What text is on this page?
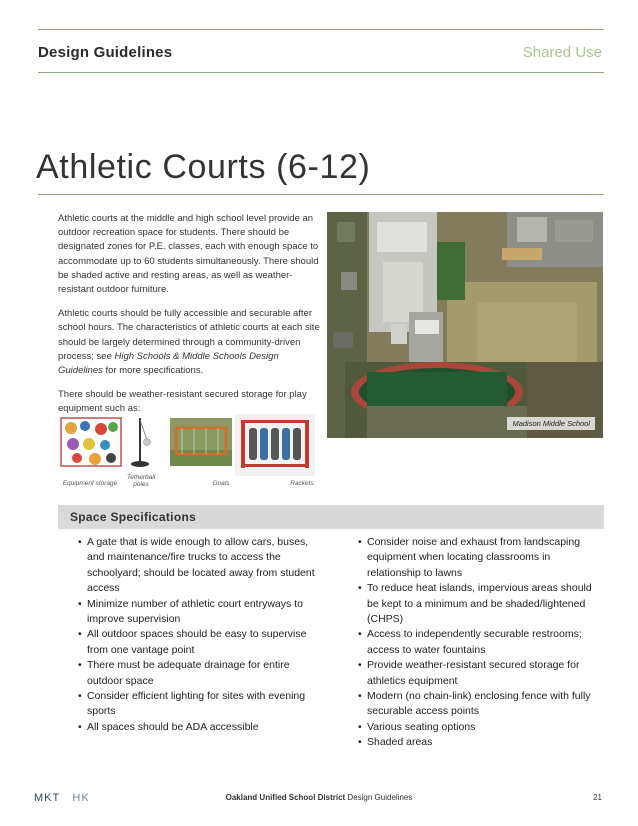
Design Guidelines	Shared Use
Athletic Courts (6-12)

Athletic courts at the middle and high school level provide an outdoor recreation space for students. There should be designated zones for P.E. classes, each with enough space to accommodate up to 60 students simultaneously. There should be shaded active and resting areas, as well as weather-resistant outdoor furniture.

Athletic courts should be fully accessible and securable after school hours. The characteristics of athletic courts at each site should be largely determined through a community-driven process; see High Schools & Middle Schools Design Guidelines for more specifications.

There should be weather-resistant secured storage for play equipment such as:

Madison Middle School
Equipment storage
Tetherball poles	Goals	Rackets
Space Specifications
• A gate that is wide enough to allow cars, buses, and maintenance/fire trucks to access the schoolyard; should be located away from student access
• Minimize number of athletic court entryways to improve supervision
• All outdoor spaces should be easy to supervise from one vantage point
• There must be adequate drainage for entire outdoor space
• Consider efficient lighting for sites with evening sports
• All spaces should be ADA accessible
• Consider noise and exhaust from landscaping equipment when locating classrooms in relationship to lawns
• To reduce heat islands, impervious areas should be kept to a minimum and be shaded/lightened (CHPS)
• Access to independently securable restrooms; access to water fountains
• Provide weather-resistant secured storage for athletics equipment
• Modern (no chain-link) enclosing fence with fully securable access points
• Various seating options
• Shaded areas
MKT HK	Oakland Unified School District Design Guidelines	21
